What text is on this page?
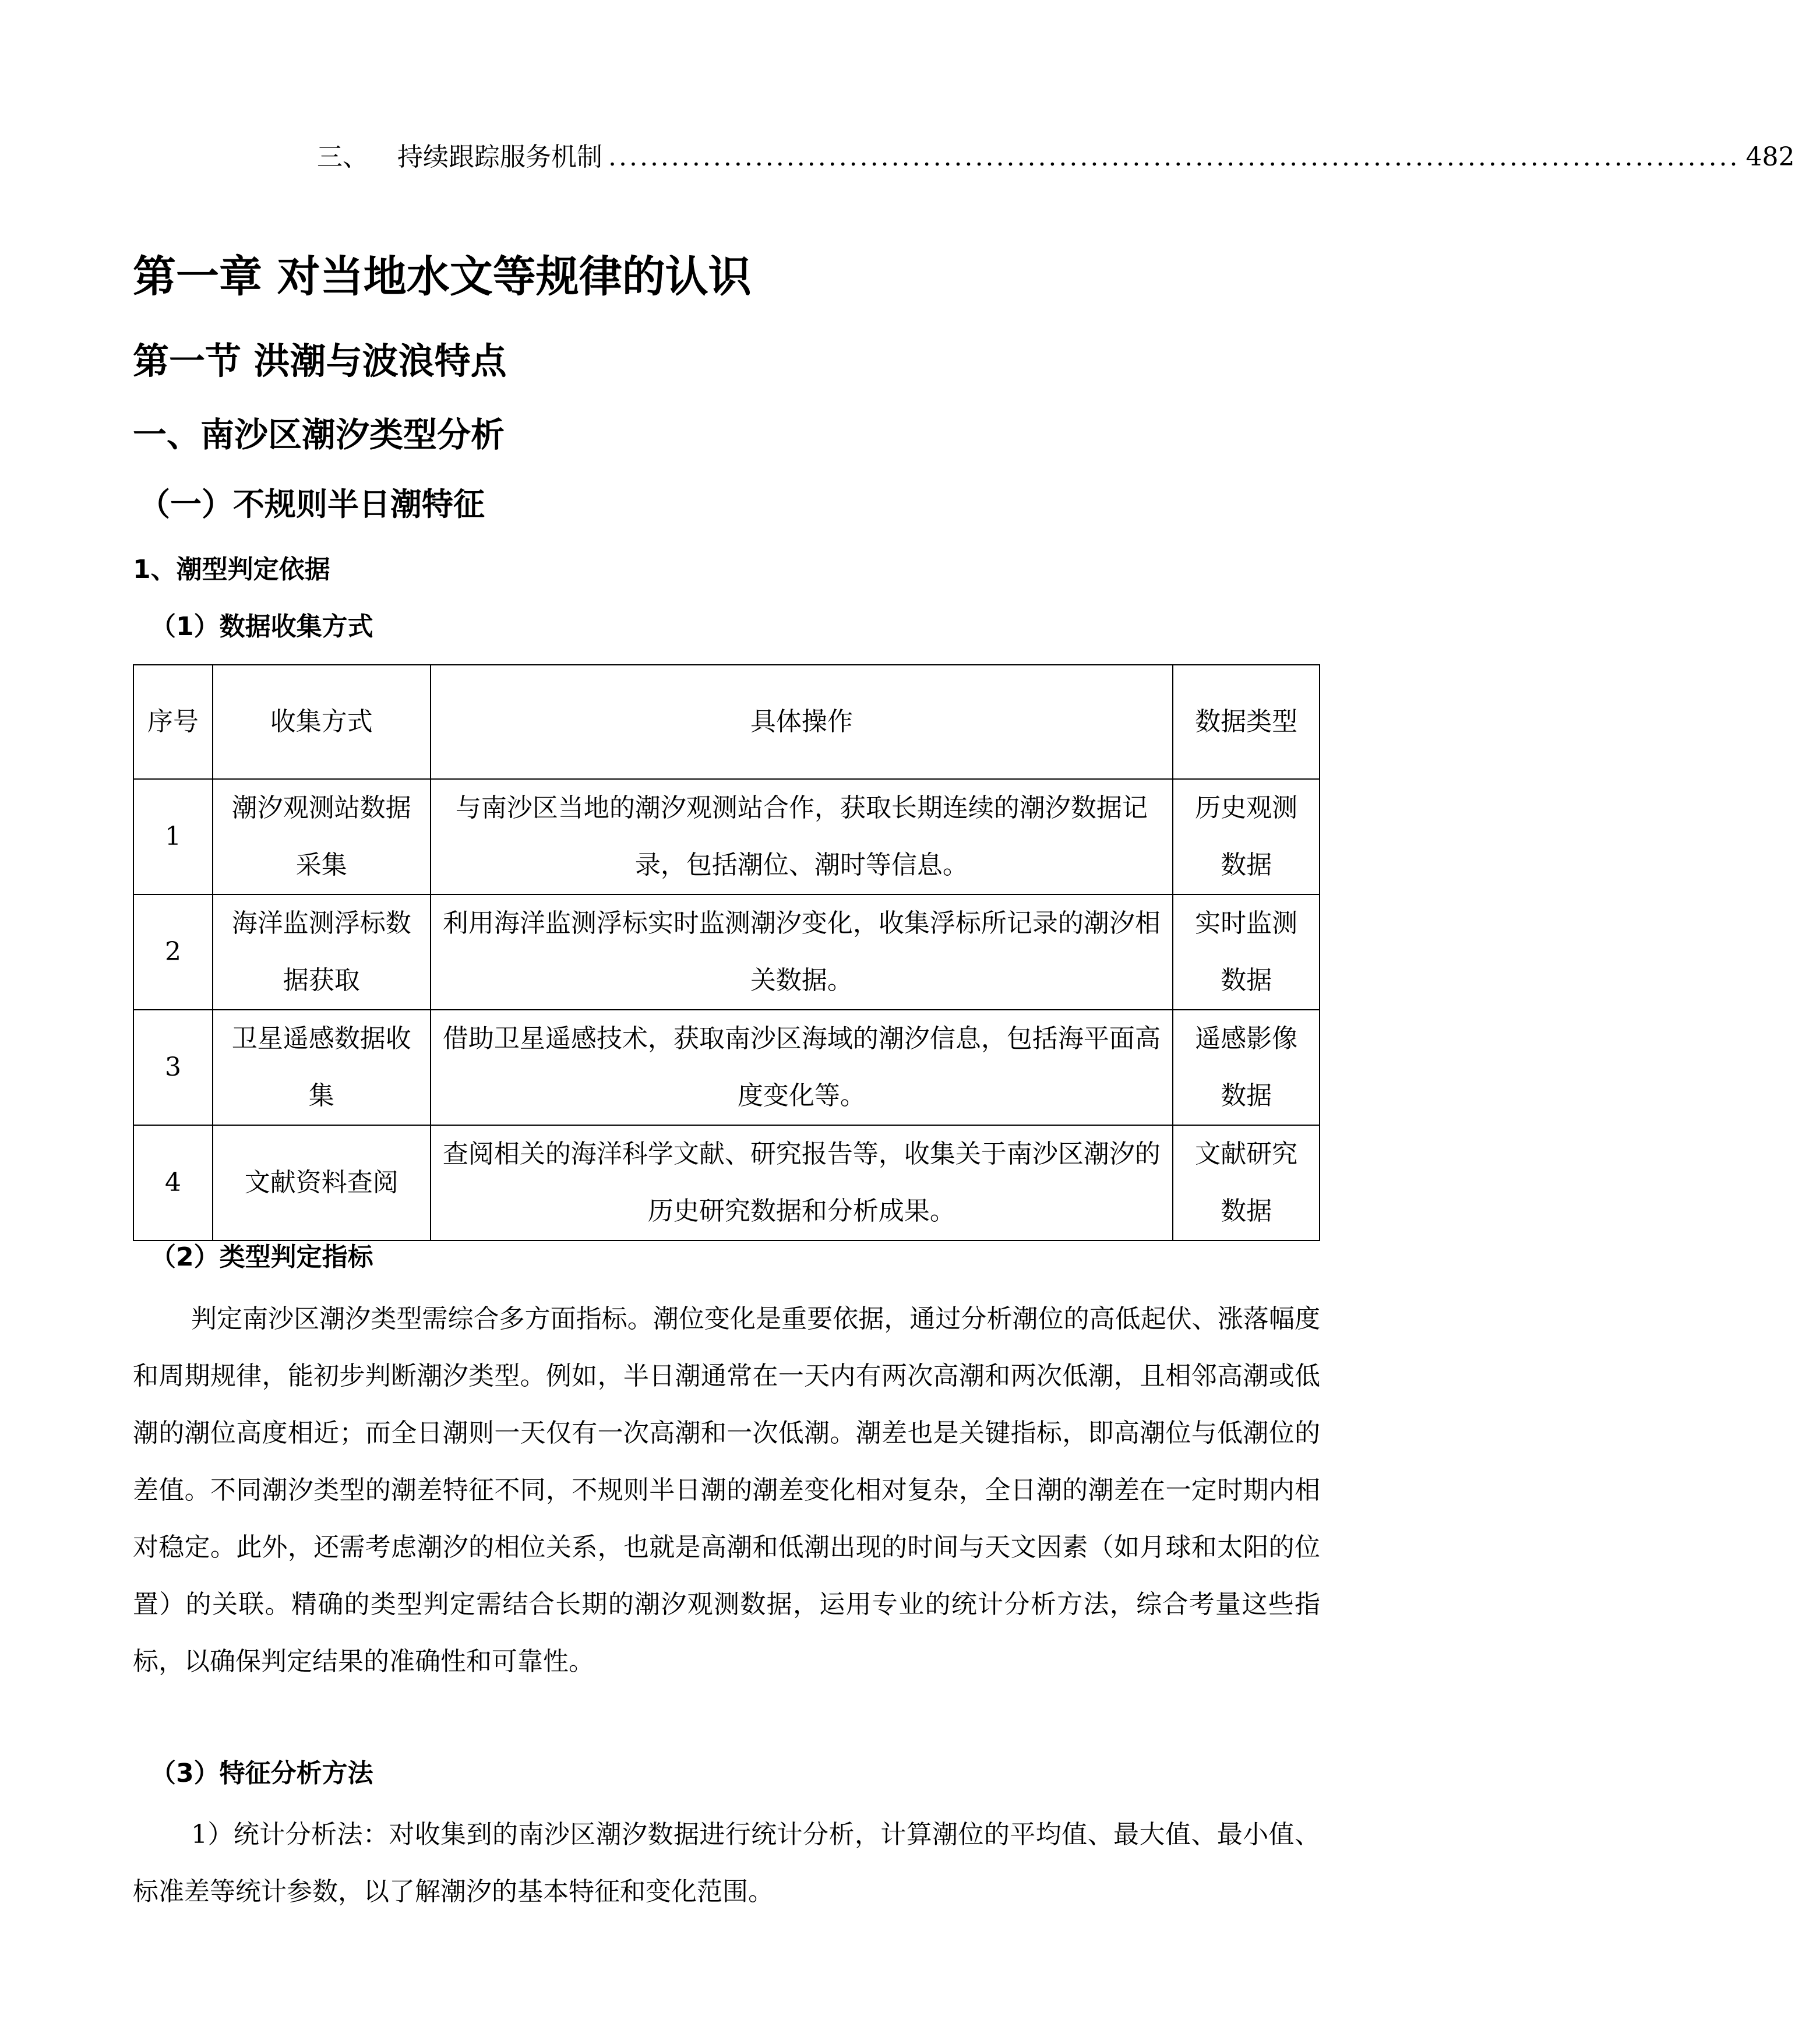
三、 持续跟踪服务机制 ............................................................................................................ 482
第一章 对当地水文等规律的认识
第一节 洪潮与波浪特点
一、南沙区潮汐类型分析
（一）不规则半日潮特征
1、潮型判定依据
（1）数据收集方式
序号	收集方式	具体操作	数据类型
1	潮汐观测站数据采集	与南沙区当地的潮汐观测站合作，获取长期连续的潮汐数据记录，包括潮位、潮时等信息。	历史观测数据
2	海洋监测浮标数据获取	利用海洋监测浮标实时监测潮汐变化，收集浮标所记录的潮汐相关数据。	实时监测数据
3	卫星遥感数据收集	借助卫星遥感技术，获取南沙区海域的潮汐信息，包括海平面高度变化等。	遥感影像数据
4	文献资料查阅	查阅相关的海洋科学文献、研究报告等，收集关于南沙区潮汐的历史研究数据和分析成果。	文献研究数据
（2）类型判定指标

判定南沙区潮汐类型需综合多方面指标。潮位变化是重要依据，通过分析潮位的高低起伏、涨落幅度和周期规律，能初步判断潮汐类型。例如，半日潮通常在一天内有两次高潮和两次低潮，且相邻高潮或低潮的潮位高度相近；而全日潮则一天仅有一次高潮和一次低潮。潮差也是关键指标，即高潮位与低潮位的差值。不同潮汐类型的潮差特征不同，不规则半日潮的潮差变化相对复杂，全日潮的潮差在一定时期内相对稳定。此外，还需考虑潮汐的相位关系，也就是高潮和低潮出现的时间与天文因素（如月球和太阳的位置）的关联。精确的类型判定需结合长期的潮汐观测数据，运用专业的统计分析方法，综合考量这些指标，以确保判定结果的准确性和可靠性。

（3）特征分析方法

1）统计分析法：对收集到的南沙区潮汐数据进行统计分析，计算潮位的平均值、最大值、最小值、标准差等统计参数，以了解潮汐的基本特征和变化范围。
